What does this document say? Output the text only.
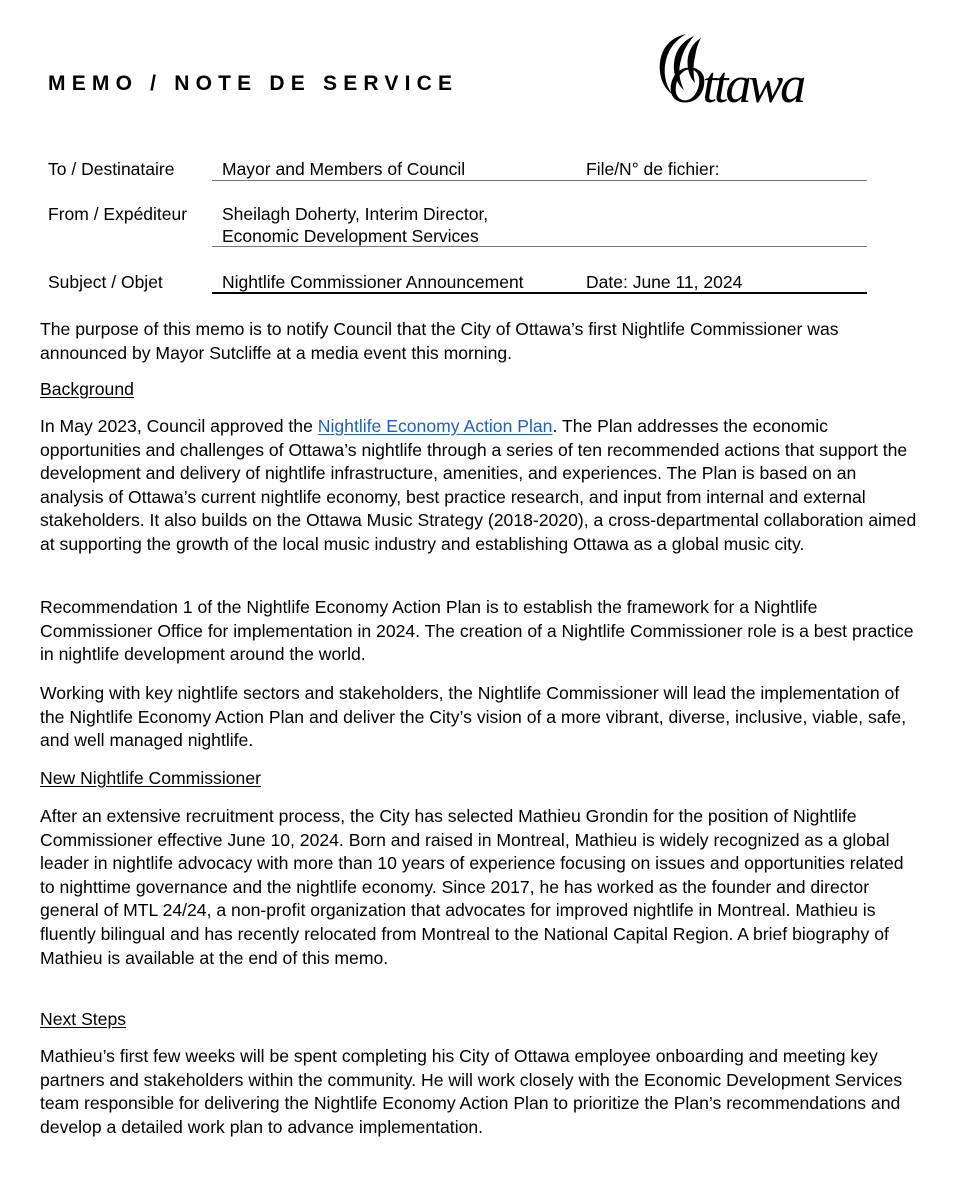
MEMO / NOTE DE SERVICE	Ottawa
To / Destinataire	Mayor and Members of Council	File/N° de fichier:
From / Expéditeur Sheilagh Doherty, Interim Director,
Economic Development Services
Subject / Objet	Nightlife Commissioner Announcement	Date: June 11, 2024

The purpose of this memo is to notify Council that the City of Ottawa’s first Nightlife Commissioner was announced by Mayor Sutcliffe at a media event this morning.

Background

In May 2023, Council approved the Nightlife Economy Action Plan. The Plan addresses the economic opportunities and challenges of Ottawa’s nightlife through a series of ten recommended actions that support the development and delivery of nightlife infrastructure, amenities, and experiences. The Plan is based on an analysis of Ottawa’s current nightlife economy, best practice research, and input from internal and external stakeholders. It also builds on the Ottawa Music Strategy (2018-2020), a cross-departmental collaboration aimed at supporting the growth of the local music industry and establishing Ottawa as a global music city.

Recommendation 1 of the Nightlife Economy Action Plan is to establish the framework for a Nightlife Commissioner Office for implementation in 2024. The creation of a Nightlife Commissioner role is a best practice in nightlife development around the world.

Working with key nightlife sectors and stakeholders, the Nightlife Commissioner will lead the implementation of the Nightlife Economy Action Plan and deliver the City’s vision of a more vibrant, diverse, inclusive, viable, safe, and well managed nightlife.

New Nightlife Commissioner

After an extensive recruitment process, the City has selected Mathieu Grondin for the position of Nightlife Commissioner effective June 10, 2024. Born and raised in Montreal, Mathieu is widely recognized as a global leader in nightlife advocacy with more than 10 years of experience focusing on issues and opportunities related to nighttime governance and the nightlife economy. Since 2017, he has worked as the founder and director general of MTL 24/24, a non-profit organization that advocates for improved nightlife in Montreal. Mathieu is fluently bilingual and has recently relocated from Montreal to the National Capital Region. A brief biography of Mathieu is available at the end of this memo.

Next Steps

Mathieu’s first few weeks will be spent completing his City of Ottawa employee onboarding and meeting key partners and stakeholders within the community. He will work closely with the Economic Development Services team responsible for delivering the Nightlife Economy Action Plan to prioritize the Plan’s recommendations and develop a detailed work plan to advance implementation.
